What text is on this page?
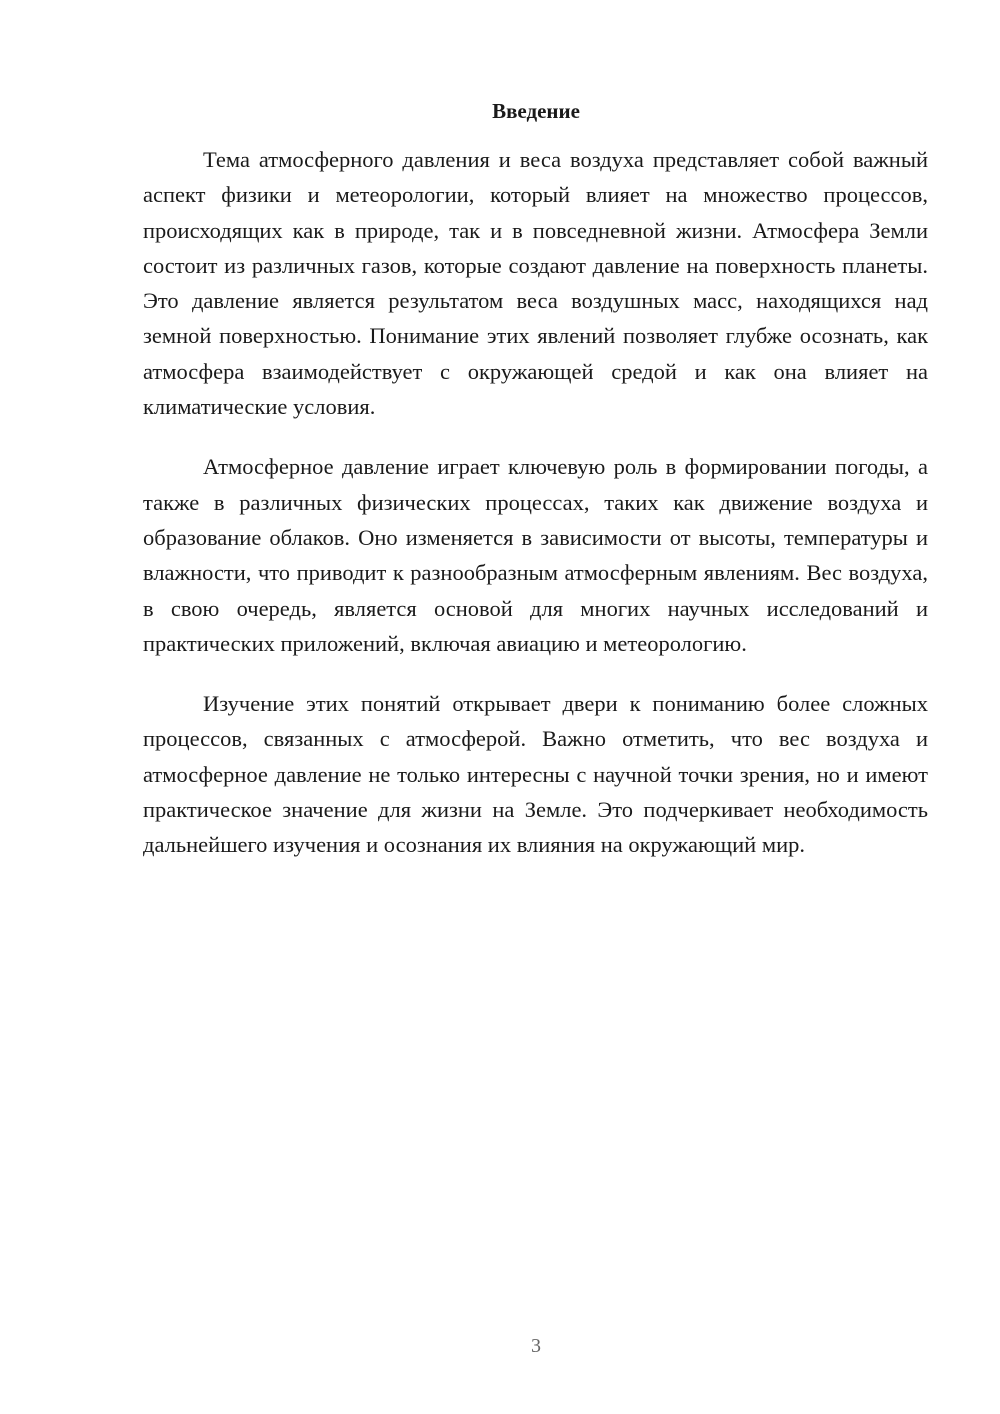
Введение

Тема атмосферного давления и веса воздуха представляет собой важный аспект физики и метеорологии, который влияет на множество процессов, происходящих как в природе, так и в повседневной жизни. Атмосфера Земли состоит из различных газов, которые создают давление на поверхность планеты. Это давление является результатом веса воздушных масс, находящихся над земной поверхностью. Понимание этих явлений позволяет глубже осознать, как атмосфера взаимодействует с окружающей средой и как она влияет на климатические условия.

Атмосферное давление играет ключевую роль в формировании погоды, а также в различных физических процессах, таких как движение воздуха и образование облаков. Оно изменяется в зависимости от высоты, температуры и влажности, что приводит к разнообразным атмосферным явлениям. Вес воздуха, в свою очередь, является основой для многих научных исследований и практических приложений, включая авиацию и метеорологию.

Изучение этих понятий открывает двери к пониманию более сложных процессов, связанных с атмосферой. Важно отметить, что вес воздуха и атмосферное давление не только интересны с научной точки зрения, но и имеют практическое значение для жизни на Земле. Это подчеркивает необходимость дальнейшего изучения и осознания их влияния на окружающий мир.

3
